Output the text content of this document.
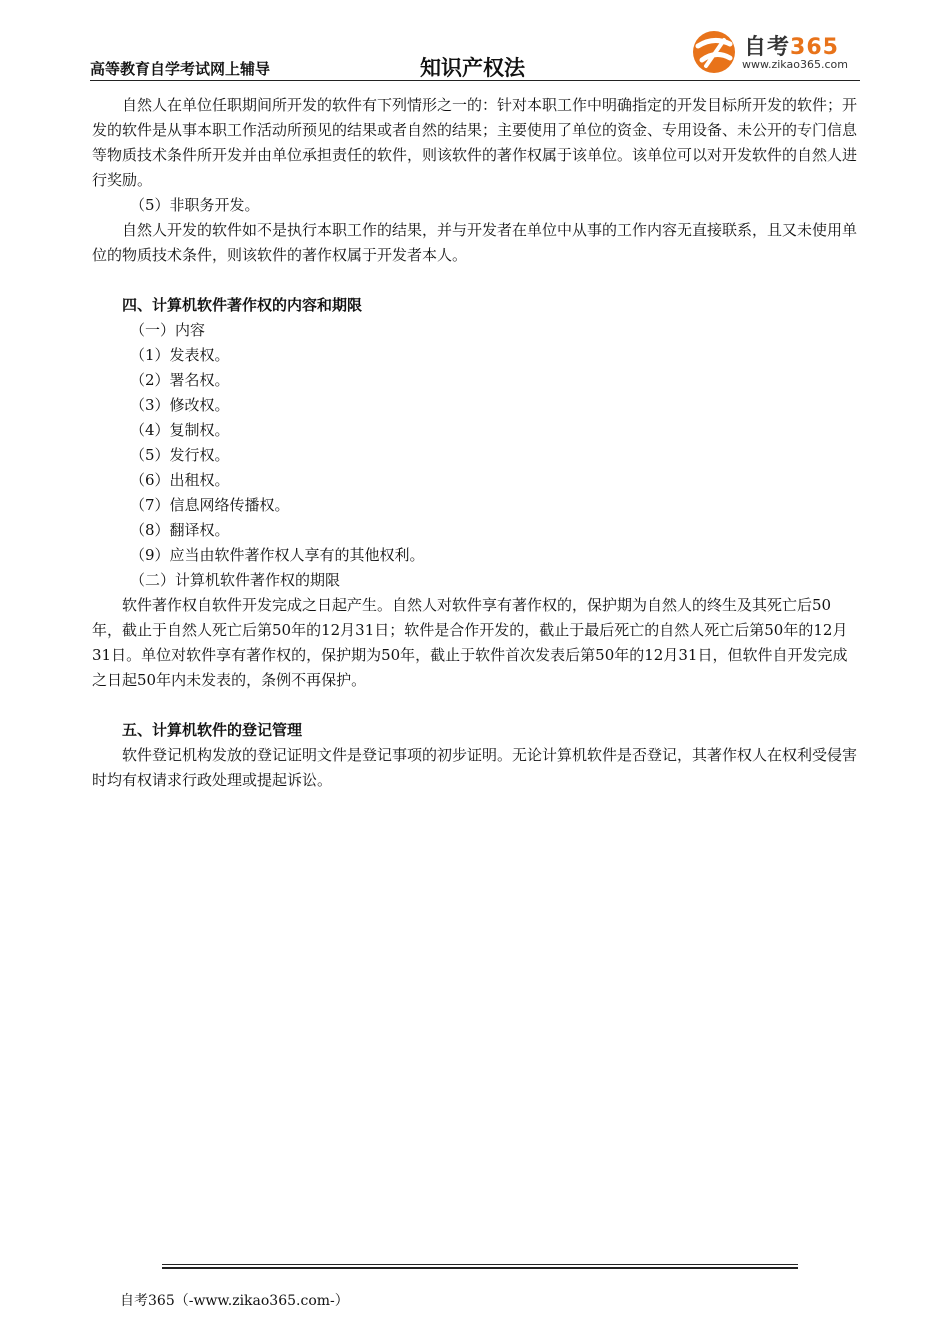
高等教育自学考试网上辅导	知识产权法
自考365
www.zikao365.com

自然人在单位任职期间所开发的软件有下列情形之一的：针对本职工作中明确指定的开发目标所开发的软件；开发的软件是从事本职工作活动所预见的结果或者自然的结果；主要使用了单位的资金、专用设备、未公开的专门信息等物质技术条件所开发并由单位承担责任的软件，则该软件的著作权属于该单位。该单位可以对开发软件的自然人进行奖励。

（5）非职务开发。

自然人开发的软件如不是执行本职工作的结果，并与开发者在单位中从事的工作内容无直接联系，且又未使用单位的物质技术条件，则该软件的著作权属于开发者本人。

四、计算机软件著作权的内容和期限

（一）内容

（1）发表权。

（2）署名权。

（3）修改权。

（4）复制权。

（5）发行权。

（6）出租权。

（7）信息网络传播权。

（8）翻译权。

（9）应当由软件著作权人享有的其他权利。

（二）计算机软件著作权的期限

软件著作权自软件开发完成之日起产生。自然人对软件享有著作权的，保护期为自然人的终生及其死亡后50年，截止于自然人死亡后第50年的12月31日；软件是合作开发的，截止于最后死亡的自然人死亡后第50年的12月31日。单位对软件享有著作权的，保护期为50年，截止于软件首次发表后第50年的12月31日，但软件自开发完成之日起50年内未发表的，条例不再保护。

五、计算机软件的登记管理

软件登记机构发放的登记证明文件是登记事项的初步证明。无论计算机软件是否登记，其著作权人在权利受侵害时均有权请求行政处理或提起诉讼。

自考365（-www.zikao365.com-）
